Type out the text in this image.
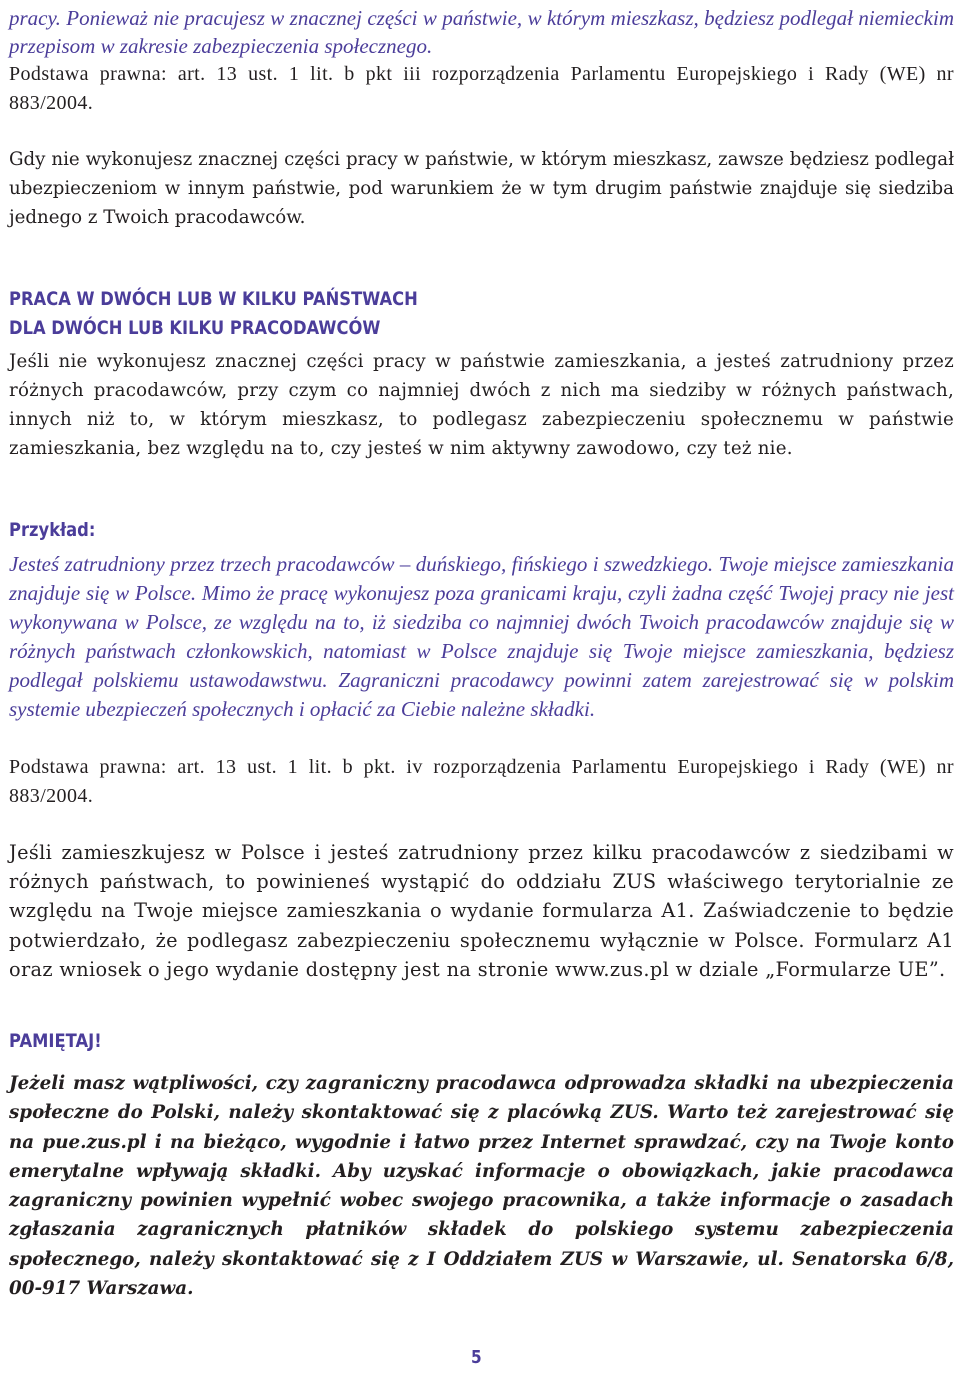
pracy. Ponieważ nie pracujesz w znacznej części w państwie, w którym mieszkasz, będziesz podlegał niemieckim przepisom w zakresie zabezpieczenia społecznego.

Podstawa prawna: art. 13 ust. 1 lit. b pkt iii rozporządzenia Parlamentu Europejskiego i Rady (WE) nr 883/2004.

Gdy nie wykonujesz znacznej części pracy w państwie, w którym mieszkasz, zawsze będziesz podlegał ubezpieczeniom w innym państwie, pod warunkiem że w tym drugim państwie znajduje się siedziba jednego z Twoich pracodawców.

PRACA W DWÓCH LUB W KILKU PAŃSTWACH
DLA DWÓCH LUB KILKU PRACODAWCÓW

Jeśli nie wykonujesz znacznej części pracy w państwie zamieszkania, a jesteś zatrudniony przez różnych pracodawców, przy czym co najmniej dwóch z nich ma siedziby w różnych państwach, innych niż to, w którym mieszkasz, to podlegasz zabezpieczeniu społecznemu w państwie zamieszkania, bez względu na to, czy jesteś w nim aktywny zawodowo, czy też nie.

Przykład:

Jesteś zatrudniony przez trzech pracodawców – duńskiego, fińskiego i szwedzkiego. Twoje miejsce zamieszkania znajduje się w Polsce. Mimo że pracę wykonujesz poza granicami kraju, czyli żadna część Twojej pracy nie jest wykonywana w Polsce, ze względu na to, iż siedziba co najmniej dwóch Twoich pracodawców znajduje się w różnych państwach członkowskich, natomiast w Polsce znajduje się Twoje miejsce zamieszkania, będziesz podlegał polskiemu ustawodawstwu. Zagraniczni pracodawcy powinni zatem zarejestrować się w polskim systemie ubezpieczeń społecznych i opłacić za Ciebie należne składki.

Podstawa prawna: art. 13 ust. 1 lit. b pkt. iv rozporządzenia Parlamentu Europejskiego i Rady (WE) nr 883/2004.

Jeśli zamieszkujesz w Polsce i jesteś zatrudniony przez kilku pracodawców z siedzibami w różnych państwach, to powinieneś wystąpić do oddziału ZUS właściwego terytorialnie ze względu na Twoje miejsce zamieszkania o wydanie formularza A1. Zaświadczenie to będzie potwierdzało, że podlegasz zabezpieczeniu społecznemu wyłącznie w Polsce. Formularz A1 oraz wniosek o jego wydanie dostępny jest na stronie www.zus.pl w dziale „Formularze UE”.

PAMIĘTAJ!

Jeżeli masz wątpliwości, czy zagraniczny pracodawca odprowadza składki na ubezpieczenia społeczne do Polski, należy skontaktować się z placówką ZUS. Warto też zarejestrować się na pue.zus.pl i na bieżąco, wygodnie i łatwo przez Internet sprawdzać, czy na Twoje konto emerytalne wpływają składki. Aby uzyskać informacje o obowiązkach, jakie pracodawca zagraniczny powinien wypełnić wobec swojego pracownika, a także informacje o zasadach zgłaszania zagranicznych płatników składek do polskiego systemu zabezpieczenia społecznego, należy skontaktować się z I Oddziałem ZUS w Warszawie, ul. Senatorska 6/8, 00-917 Warszawa.

5
